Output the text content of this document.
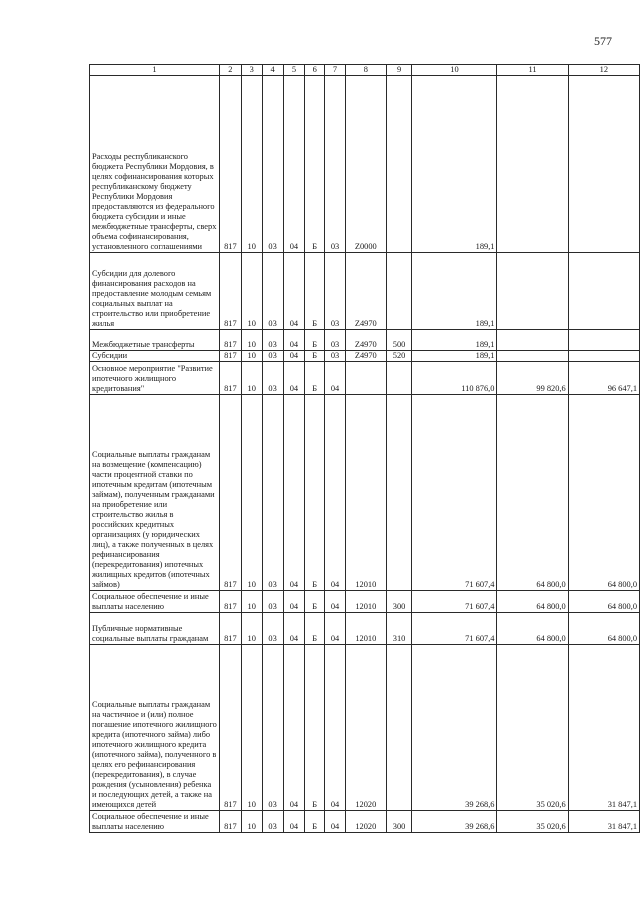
577
1	2	3	4	5	6	7	8	9	10	11	12
Расходы республиканского бюджета Республики Мордовия, в целях софинансирования которых республиканскому бюджету Республики Мордовия предоставляются из федерального бюджета субсидии и иные межбюджетные трансферты, сверх объема софинансирования, установленного соглашениями	817	10	03	04	Б	03	Z0000		189,1		
Субсидии для долевого финансирования расходов на предоставление молодым семьям социальных выплат на строительство или приобретение жилья	817	10	03	04	Б	03	Z4970		189,1		
Межбюджетные трансферты	817	10	03	04	Б	03	Z4970	500	189,1		
Субсидии	817	10	03	04	Б	03	Z4970	520	189,1		
Основное мероприятие "Развитие ипотечного жилищного кредитования"	817	10	03	04	Б	04			110 876,0	99 820,6	96 647,1
Социальные выплаты гражданам на возмещение (компенсацию) части процентной ставки по ипотечным кредитам (ипотечным займам), полученным гражданами на приобретение или строительство жилья в российских кредитных организациях (у юридических лиц), а также полученных в целях рефинансирования (перекредитования) ипотечных жилищных кредитов (ипотечных займов)	817	10	03	04	Б	04	12010		71 607,4	64 800,0	64 800,0
Социальное обеспечение и иные выплаты населению	817	10	03	04	Б	04	12010	300	71 607,4	64 800,0	64 800,0
Публичные нормативные социальные выплаты гражданам	817	10	03	04	Б	04	12010	310	71 607,4	64 800,0	64 800,0
Социальные выплаты гражданам на частичное и (или) полное погашение ипотечного жилищного кредита (ипотечного займа) либо ипотечного жилищного кредита (ипотечного займа), полученного в целях его рефинансирования (перекредитования), в случае рождения (усыновления) ребенка и последующих детей, а также на имеющихся детей	817	10	03	04	Б	04	12020		39 268,6	35 020,6	31 847,1
Социальное обеспечение и иные выплаты населению	817	10	03	04	Б	04	12020	300	39 268,6	35 020,6	31 847,1
